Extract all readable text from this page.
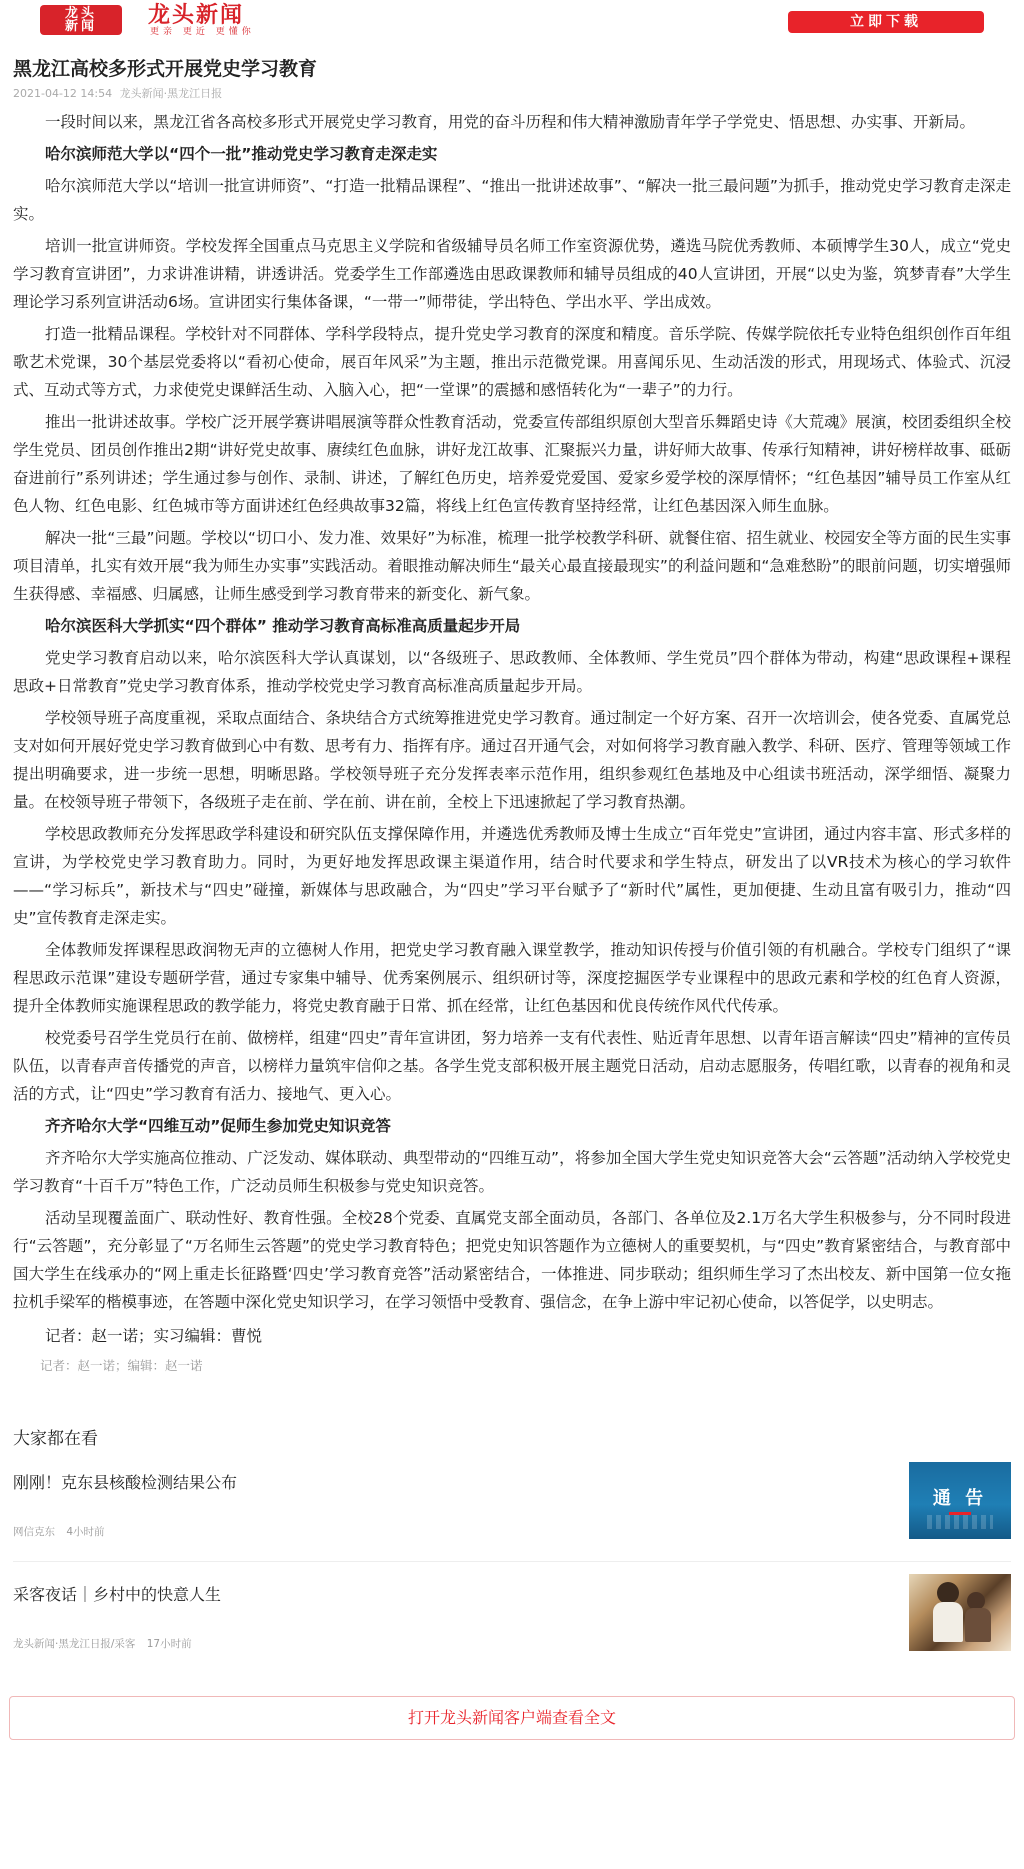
龙头
新闻 龙头新闻
更亲 更近 更懂你
立即下载
黑龙江高校多形式开展党史学习教育
2021-04-12 14:54 龙头新闻·黑龙江日报

一段时间以来，黑龙江省各高校多形式开展党史学习教育，用党的奋斗历程和伟大精神激励青年学子学党史、悟思想、办实事、开新局。

哈尔滨师范大学以“四个一批”推动党史学习教育走深走实

哈尔滨师范大学以“培训一批宣讲师资”、“打造一批精品课程”、“推出一批讲述故事”、“解决一批三最问题”为抓手，推动党史学习教育走深走实。

培训一批宣讲师资。学校发挥全国重点马克思主义学院和省级辅导员名师工作室资源优势，遴选马院优秀教师、本硕博学生30人，成立“党史学习教育宣讲团”，力求讲准讲精，讲透讲活。党委学生工作部遴选由思政课教师和辅导员组成的40人宣讲团，开展“以史为鉴，筑梦青春”大学生理论学习系列宣讲活动6场。宣讲团实行集体备课，“一带一”师带徒，学出特色、学出水平、学出成效。

打造一批精品课程。学校针对不同群体、学科学段特点，提升党史学习教育的深度和精度。音乐学院、传媒学院依托专业特色组织创作百年组歌艺术党课，30个基层党委将以“看初心使命，展百年风采”为主题，推出示范微党课。用喜闻乐见、生动活泼的形式，用现场式、体验式、沉浸式、互动式等方式，力求使党史课鲜活生动、入脑入心，把“一堂课”的震撼和感悟转化为“一辈子”的力行。

推出一批讲述故事。学校广泛开展学赛讲唱展演等群众性教育活动，党委宣传部组织原创大型音乐舞蹈史诗《大荒魂》展演，校团委组织全校学生党员、团员创作推出2期“讲好党史故事、赓续红色血脉，讲好龙江故事、汇聚振兴力量，讲好师大故事、传承行知精神，讲好榜样故事、砥砺奋进前行”系列讲述；学生通过参与创作、录制、讲述，了解红色历史，培养爱党爱国、爱家乡爱学校的深厚情怀；“红色基因”辅导员工作室从红色人物、红色电影、红色城市等方面讲述红色经典故事32篇，将线上红色宣传教育坚持经常，让红色基因深入师生血脉。

解决一批“三最”问题。学校以“切口小、发力准、效果好”为标准，梳理一批学校教学科研、就餐住宿、招生就业、校园安全等方面的民生实事项目清单，扎实有效开展“我为师生办实事”实践活动。着眼推动解决师生“最关心最直接最现实”的利益问题和“急难愁盼”的眼前问题，切实增强师生获得感、幸福感、归属感，让师生感受到学习教育带来的新变化、新气象。

哈尔滨医科大学抓实“四个群体” 推动学习教育高标准高质量起步开局

党史学习教育启动以来，哈尔滨医科大学认真谋划，以“各级班子、思政教师、全体教师、学生党员”四个群体为带动，构建“思政课程+课程思政+日常教育”党史学习教育体系，推动学校党史学习教育高标准高质量起步开局。

学校领导班子高度重视，采取点面结合、条块结合方式统筹推进党史学习教育。通过制定一个好方案、召开一次培训会，使各党委、直属党总支对如何开展好党史学习教育做到心中有数、思考有力、指挥有序。通过召开通气会，对如何将学习教育融入教学、科研、医疗、管理等领域工作提出明确要求，进一步统一思想，明晰思路。学校领导班子充分发挥表率示范作用，组织参观红色基地及中心组读书班活动，深学细悟、凝聚力量。在校领导班子带领下，各级班子走在前、学在前、讲在前，全校上下迅速掀起了学习教育热潮。

学校思政教师充分发挥思政学科建设和研究队伍支撑保障作用，并遴选优秀教师及博士生成立“百年党史”宣讲团，通过内容丰富、形式多样的宣讲，为学校党史学习教育助力。同时，为更好地发挥思政课主渠道作用，结合时代要求和学生特点，研发出了以VR技术为核心的学习软件——“学习标兵”，新技术与“四史”碰撞，新媒体与思政融合，为“四史”学习平台赋予了“新时代”属性，更加便捷、生动且富有吸引力，推动“四史”宣传教育走深走实。

全体教师发挥课程思政润物无声的立德树人作用，把党史学习教育融入课堂教学，推动知识传授与价值引领的有机融合。学校专门组织了“课程思政示范课”建设专题研学营，通过专家集中辅导、优秀案例展示、组织研讨等，深度挖掘医学专业课程中的思政元素和学校的红色育人资源，提升全体教师实施课程思政的教学能力，将党史教育融于日常、抓在经常，让红色基因和优良传统作风代代传承。

校党委号召学生党员行在前、做榜样，组建“四史”青年宣讲团，努力培养一支有代表性、贴近青年思想、以青年语言解读“四史”精神的宣传员队伍，以青春声音传播党的声音，以榜样力量筑牢信仰之基。各学生党支部积极开展主题党日活动，启动志愿服务，传唱红歌，以青春的视角和灵活的方式，让“四史”学习教育有活力、接地气、更入心。

齐齐哈尔大学“四维互动”促师生参加党史知识竞答

齐齐哈尔大学实施高位推动、广泛发动、媒体联动、典型带动的“四维互动”，将参加全国大学生党史知识竞答大会“云答题”活动纳入学校党史学习教育“十百千万”特色工作，广泛动员师生积极参与党史知识竞答。

活动呈现覆盖面广、联动性好、教育性强。全校28个党委、直属党支部全面动员，各部门、各单位及2.1万名大学生积极参与，分不同时段进行“云答题”，充分彰显了“万名师生云答题”的党史学习教育特色；把党史知识答题作为立德树人的重要契机，与“四史”教育紧密结合，与教育部中国大学生在线承办的“网上重走长征路暨‘四史’学习教育竞答”活动紧密结合，一体推进、同步联动；组织师生学习了杰出校友、新中国第一位女拖拉机手梁军的楷模事迹，在答题中深化党史知识学习，在学习领悟中受教育、强信念，在争上游中牢记初心使命，以答促学，以史明志。

记者：赵一诺；实习编辑：曹悦
记者：赵一诺；编辑：赵一诺
大家都在看
刚刚！克东县核酸检测结果公布
网信克东 4小时前
通 告
采客夜话｜乡村中的快意人生
龙头新闻·黑龙江日报/采客 17小时前
打开龙头新闻客户端查看全文
